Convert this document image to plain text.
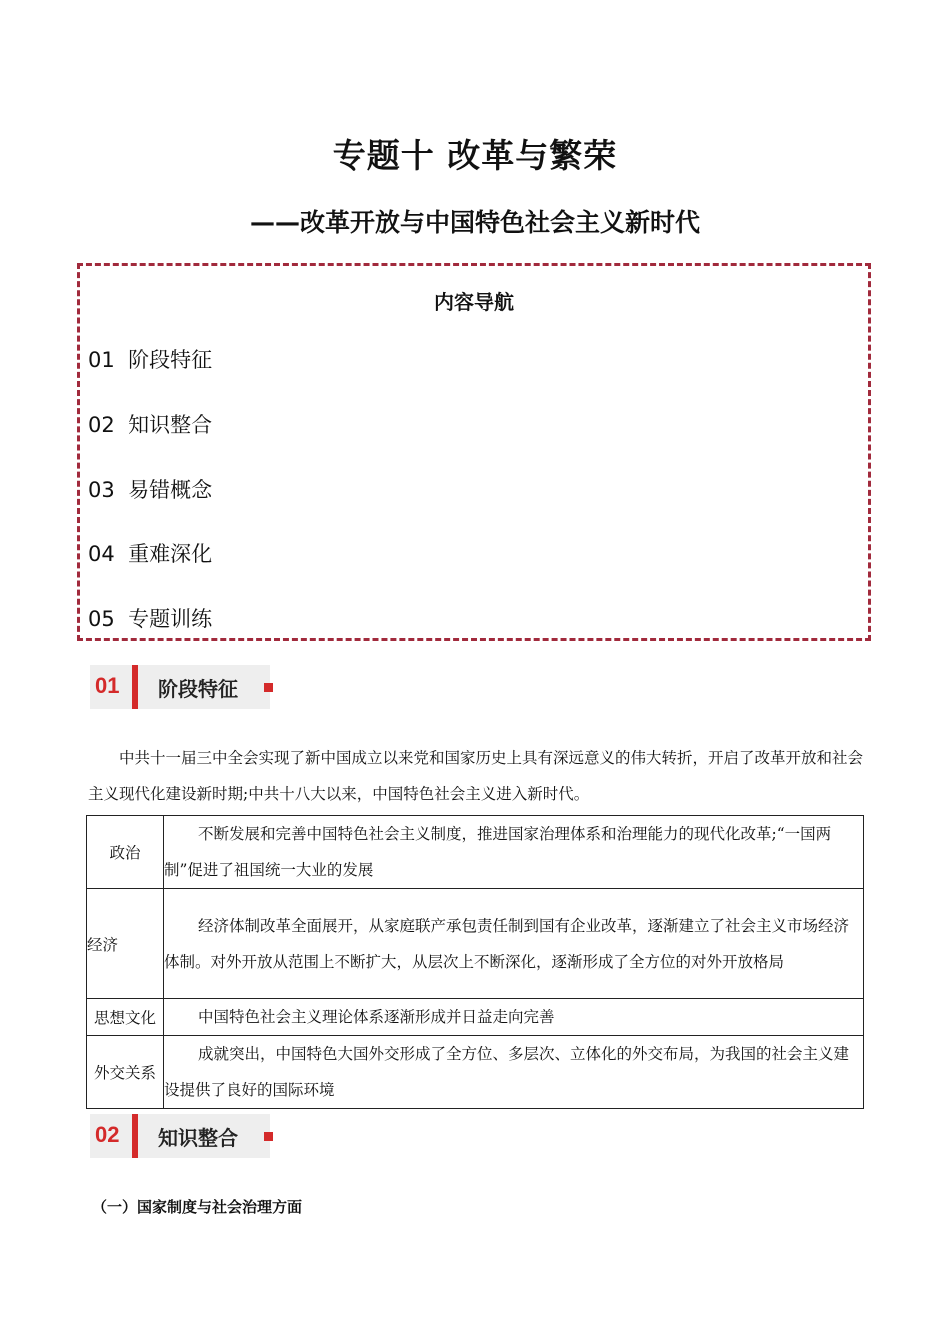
专题十 改革与繁荣
——改革开放与中国特色社会主义新时代
内容导航
01  阶段特征
02  知识整合
03  易错概念
04  重难深化
05  专题训练
01 阶段特征
中共十一届三中全会实现了新中国成立以来党和国家历史上具有深远意义的伟大转折，开启了改革开放和社会主义现代化建设新时期;中共十八大以来，中国特色社会主义进入新时代。
政治	不断发展和完善中国特色社会主义制度，推进国家治理体系和治理能力的现代化改革;“一国两制”促进了祖国统一大业的发展
经济	经济体制改革全面展开，从家庭联产承包责任制到国有企业改革，逐渐建立了社会主义市场经济体制。对外开放从范围上不断扩大，从层次上不断深化，逐渐形成了全方位的对外开放格局
思想文化	中国特色社会主义理论体系逐渐形成并日益走向完善
外交关系	成就突出，中国特色大国外交形成了全方位、多层次、立体化的外交布局，为我国的社会主义建设提供了良好的国际环境
02 知识整合
（一）国家制度与社会治理方面
